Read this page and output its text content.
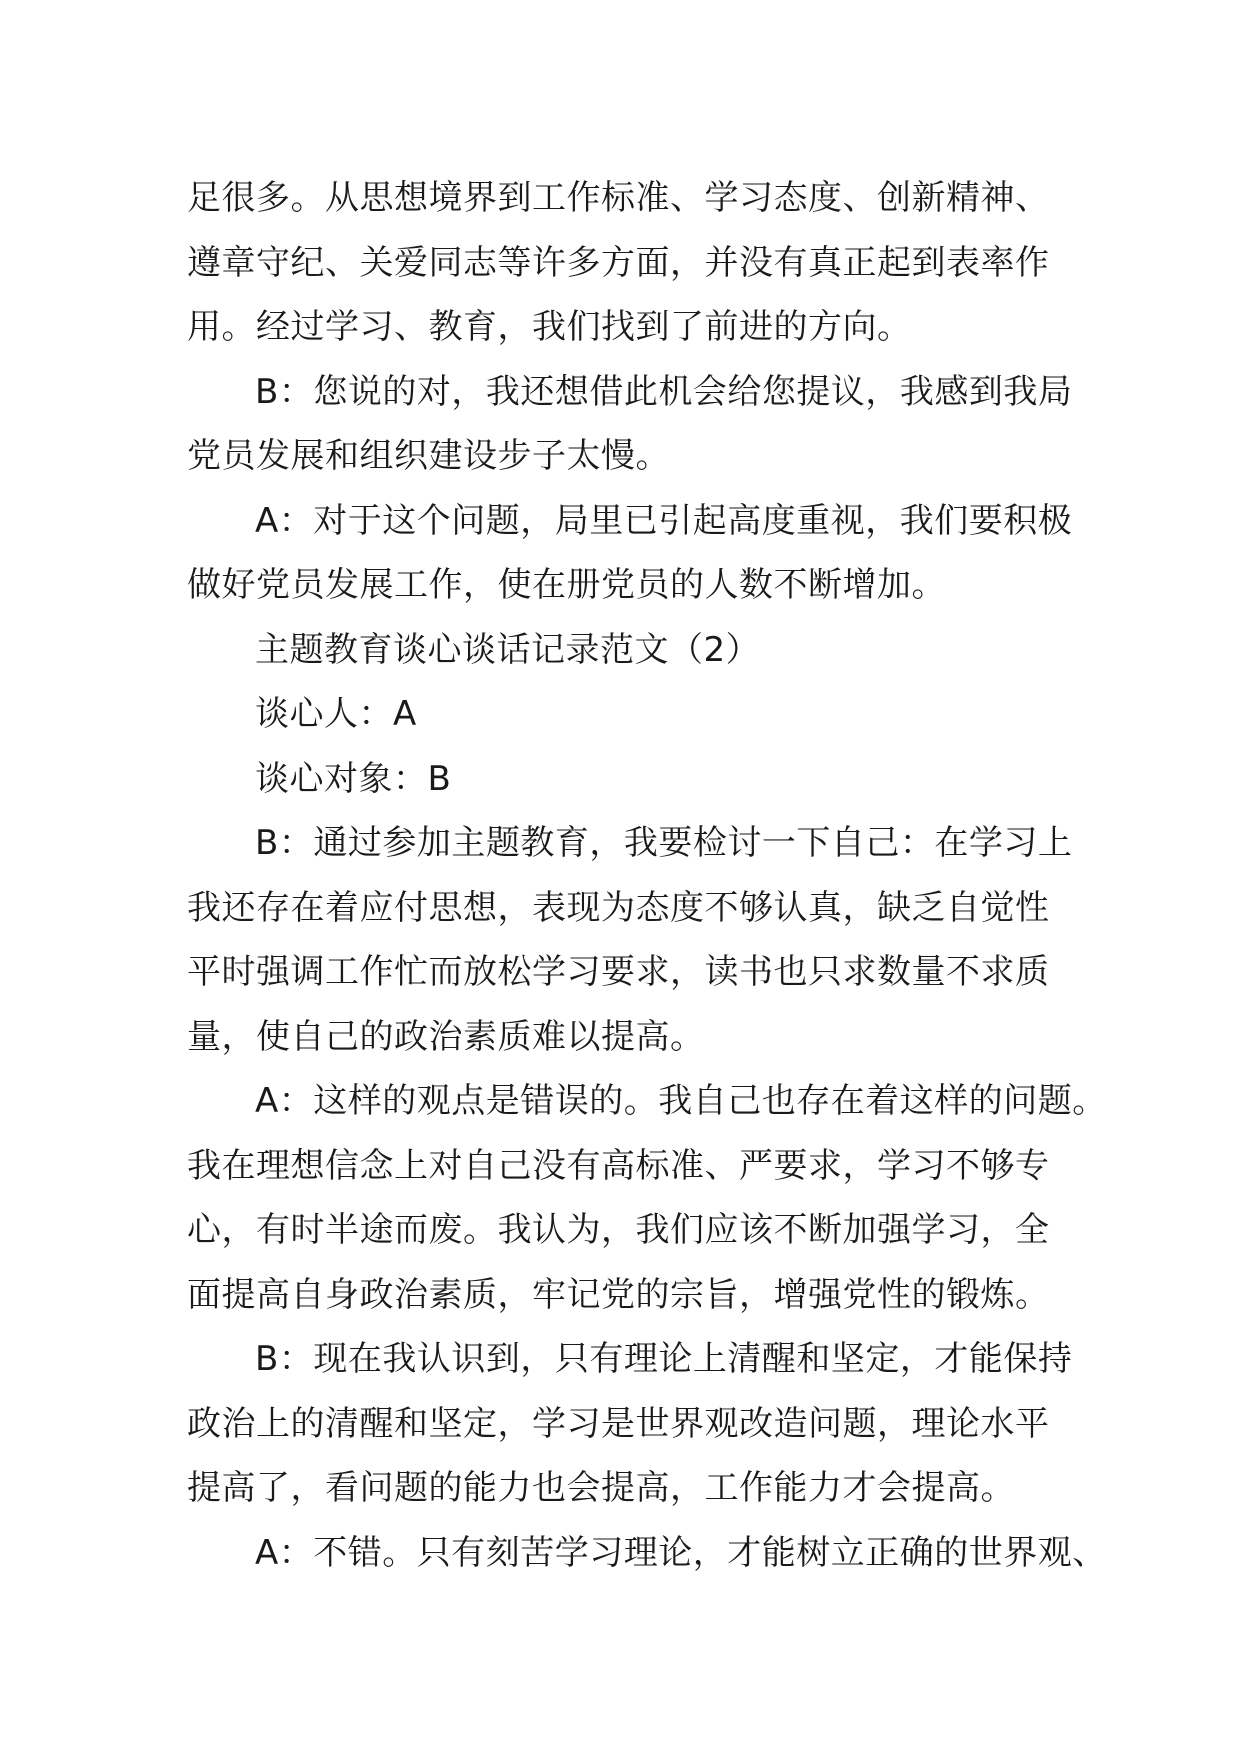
足很多。从思想境界到工作标准、学习态度、创新精神、
遵章守纪、关爱同志等许多方面，并没有真正起到表率作
用。经过学习、教育，我们找到了前进的方向。
B：您说的对，我还想借此机会给您提议，我感到我局
党员发展和组织建设步子太慢。
A：对于这个问题，局里已引起高度重视，我们要积极
做好党员发展工作，使在册党员的人数不断增加。
主题教育谈心谈话记录范文（2）
谈心人：A
谈心对象：B
B：通过参加主题教育，我要检讨一下自己：在学习上
我还存在着应付思想，表现为态度不够认真，缺乏自觉性
平时强调工作忙而放松学习要求，读书也只求数量不求质
量，使自己的政治素质难以提高。
A：这样的观点是错误的。我自己也存在着这样的问题。
我在理想信念上对自己没有高标准、严要求，学习不够专
心，有时半途而废。我认为，我们应该不断加强学习，全
面提高自身政治素质，牢记党的宗旨，增强党性的锻炼。
B：现在我认识到，只有理论上清醒和坚定，才能保持
政治上的清醒和坚定，学习是世界观改造问题，理论水平
提高了，看问题的能力也会提高，工作能力才会提高。
A：不错。只有刻苦学习理论，才能树立正确的世界观、
